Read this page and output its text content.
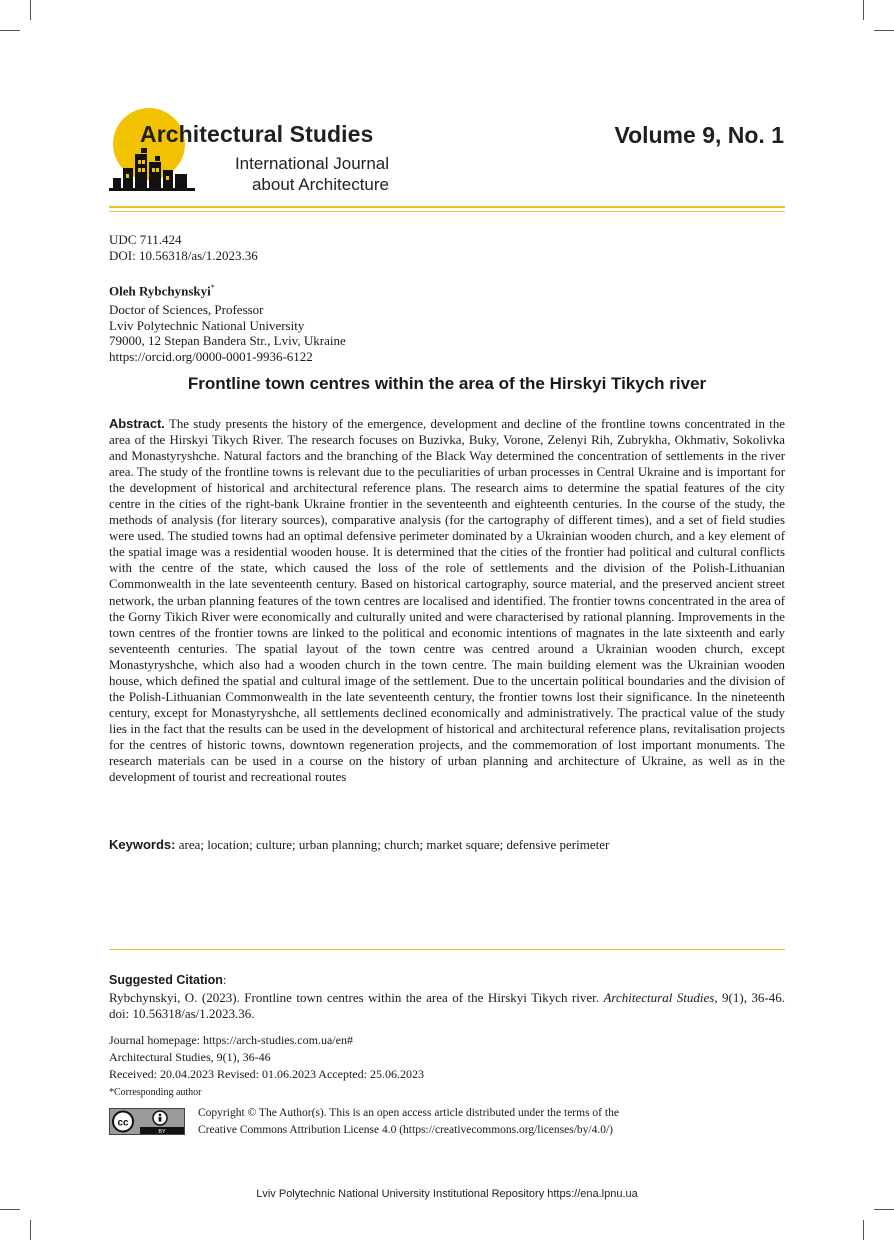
Architectural Studies
International Journal
about Architecture
Volume 9, No. 1
UDC 711.424
DOI: 10.56318/as/1.2023.36
Oleh Rybchynskyi*
Doctor of Sciences, Professor
Lviv Polytechnic National University
79000, 12 Stepan Bandera Str., Lviv, Ukraine
https://orcid.org/0000-0001-9936-6122
Frontline town centres within the area of the Hirskyi Tikych river
Abstract. The study presents the history of the emergence, development and decline of the frontline towns concentrated in the area of the Hirskyi Tikych River. The research focuses on Buzivka, Buky, Vorone, Zelenyi Rih, Zubrykha, Okhmativ, Sokolivka and Monastyryshche. Natural factors and the branching of the Black Way determined the concentration of settlements in the river area. The study of the frontline towns is relevant due to the peculiarities of urban processes in Central Ukraine and is important for the development of historical and architectural reference plans. The research aims to determine the spatial features of the city centre in the cities of the right-bank Ukraine frontier in the seventeenth and eighteenth centuries. In the course of the study, the methods of analysis (for literary sources), comparative analysis (for the cartography of different times), and a set of field studies were used. The studied towns had an optimal defensive perimeter dominated by a Ukrainian wooden church, and a key element of the spatial image was a residential wooden house. It is determined that the cities of the frontier had political and cultural conflicts with the centre of the state, which caused the loss of the role of settlements and the division of the Polish-Lithuanian Commonwealth in the late seventeenth century. Based on historical cartography, source material, and the preserved ancient street network, the urban planning features of the town centres are localised and identified. The frontier towns concentrated in the area of the Gorny Tikich River were economically and culturally united and were characterised by rational planning. Improvements in the town centres of the frontier towns are linked to the political and economic intentions of magnates in the late sixteenth and early seventeenth centuries. The spatial layout of the town centre was centred around a Ukrainian wooden church, except Monastyryshche, which also had a wooden church in the town centre. The main building element was the Ukrainian wooden house, which defined the spatial and cultural image of the settlement. Due to the uncertain political boundaries and the division of the Polish-Lithuanian Commonwealth in the late seventeenth century, the frontier towns lost their significance. In the nineteenth century, except for Monastyryshche, all settlements declined economically and administratively. The practical value of the study lies in the fact that the results can be used in the development of historical and architectural reference plans, revitalisation projects for the centres of historic towns, downtown regeneration projects, and the commemoration of lost important monuments. The research materials can be used in a course on the history of urban planning and architecture of Ukraine, as well as in the development of tourist and recreational routes
Keywords: area; location; culture; urban planning; church; market square; defensive perimeter
Suggested Citation:
Rybchynskyi, O. (2023). Frontline town centres within the area of the Hirskyi Tikych river. Architectural Studies, 9(1), 36-46. doi: 10.56318/as/1.2023.36.
Journal homepage: https://arch-studies.com.ua/en#
Architectural Studies, 9(1), 36-46
Received: 20.04.2023 Revised: 01.06.2023 Accepted: 25.06.2023
*Corresponding author
cc
BY
Copyright © The Author(s). This is an open access article distributed under the terms of the
Creative Commons Attribution License 4.0 (https://creativecommons.org/licenses/by/4.0/)
Lviv Polytechnic National University Institutional Repository https://ena.lpnu.ua
